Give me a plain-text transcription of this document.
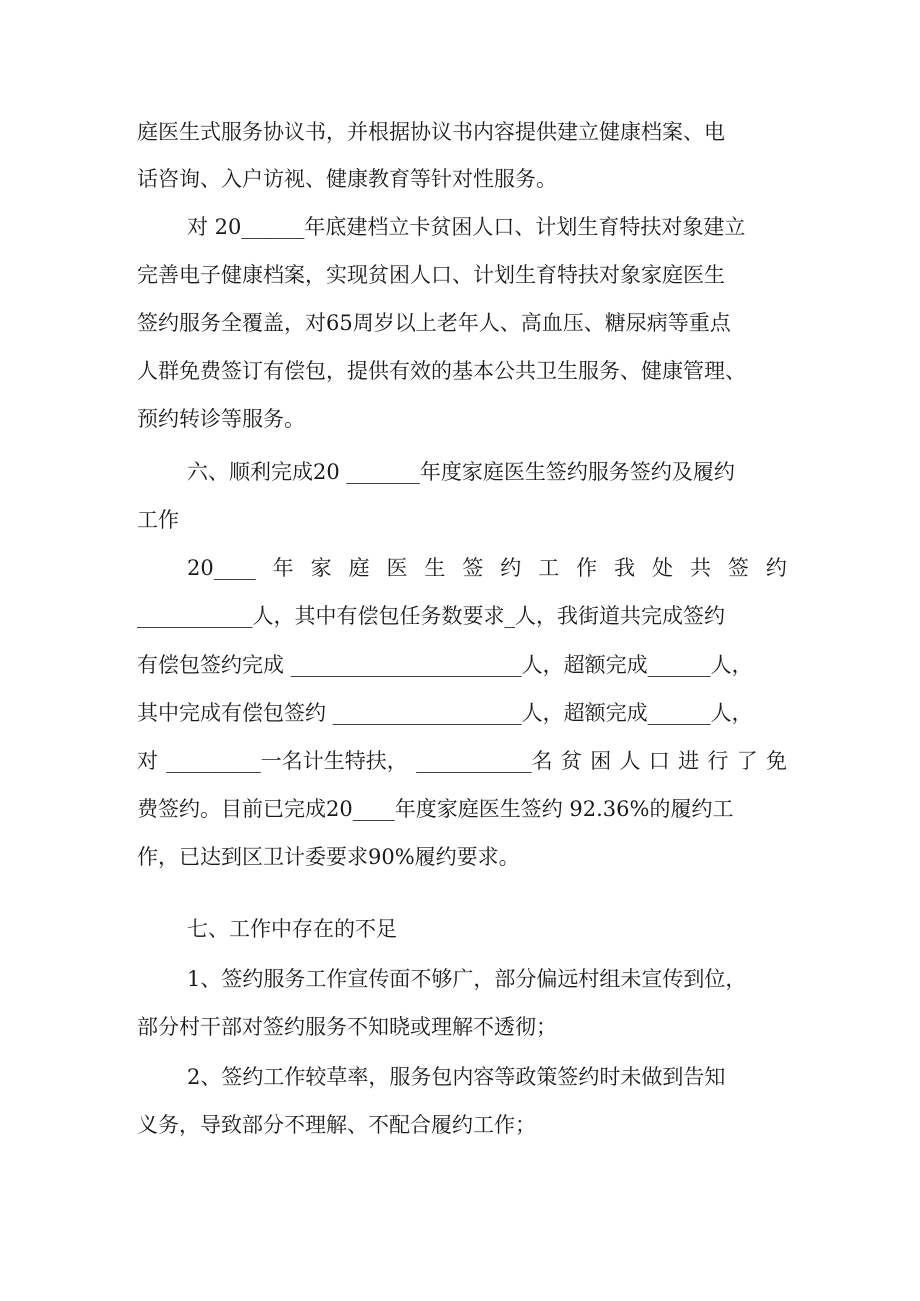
庭医生式服务协议书，并根据协议书内容提供建立健康档案、电
话咨询、入户访视、健康教育等针对性服务。
对 20______年底建档立卡贫困人口、计划生育特扶对象建立
完善电子健康档案，实现贫困人口、计划生育特扶对象家庭医生
签约服务全覆盖，对65周岁以上老年人、高血压、糖尿病等重点
人群免费签订有偿包，提供有效的基本公共卫生服务、健康管理、
预约转诊等服务。
六、顺利完成20 _______年度家庭医生签约服务签约及履约
工作
20____ 年 家 庭 医 生 签 约 工 作 我 处 共 签 约
___________人，其中有偿包任务数要求_人，我街道共完成签约
有偿包签约完成 ______________________人，超额完成______人，
其中完成有偿包签约 __________________人，超额完成______人，
对 _________一名计生特扶， ___________名 贫 困 人 口 进 行 了 免
费签约。目前已完成20____年度家庭医生签约 92.36%的履约工
作，已达到区卫计委要求90%履约要求。
七、工作中存在的不足
1、签约服务工作宣传面不够广，部分偏远村组未宣传到位，
部分村干部对签约服务不知晓或理解不透彻；
2、签约工作较草率，服务包内容等政策签约时未做到告知
义务，导致部分不理解、不配合履约工作；
